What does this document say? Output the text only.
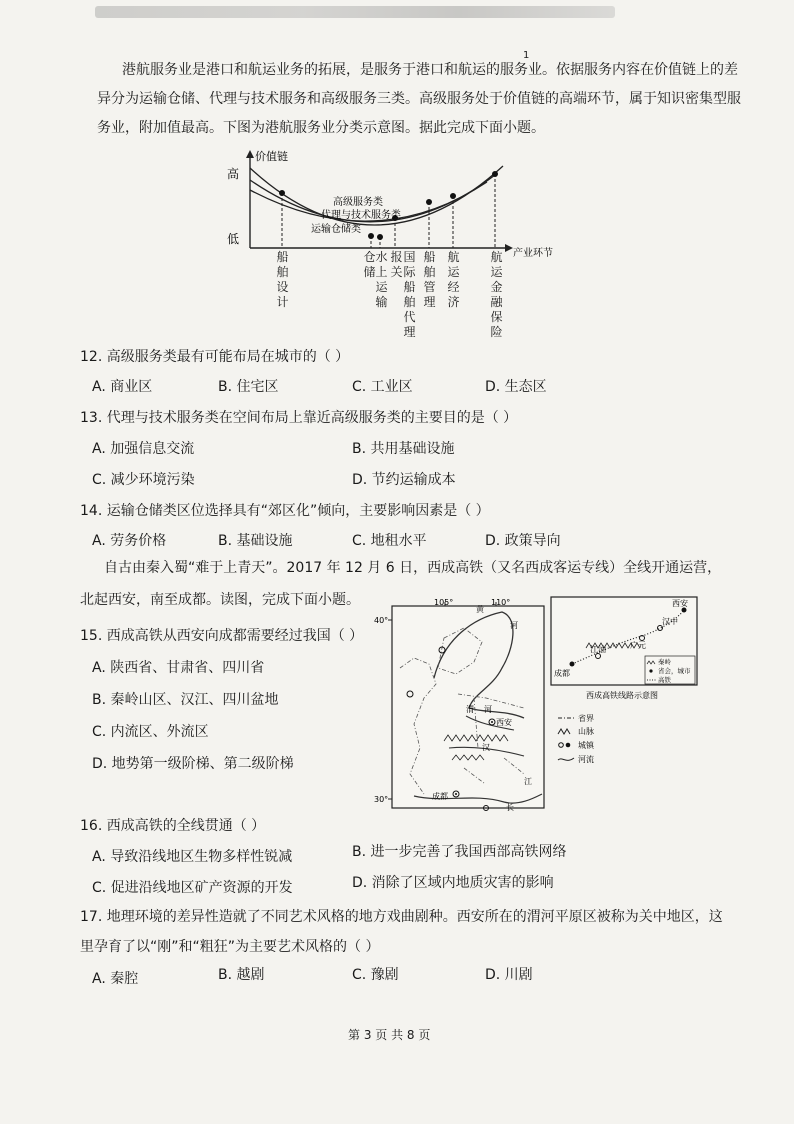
1
港航服务业是港口和航运业务的拓展，是服务于港口和航运的服务业。依据服务内容在价值链上的差
异分为运输仓储、代理与技术服务和高级服务三类。高级服务处于价值链的高端环节，属于知识密集型服
务业，附加值最高。下图为港航服务业分类示意图。据此完成下面小题。
价值链
高
低
高级服务类
代理与技术服务类
运输仓储类
产业环节
船舶设计
仓储
水上运输
报关
国际船舶代理
船舶管理
航运经济
航运金融保险
12. 高级服务类最有可能布局在城市的（ ）
A. 商业区	B. 住宅区	C. 工业区	D. 生态区
13. 代理与技术服务类在空间布局上靠近高级服务类的主要目的是（ ）
A. 加强信息交流	B. 共用基础设施
C. 减少环境污染	D. 节约运输成本
14. 运输仓储类区位选择具有“郊区化”倾向，主要影响因素是（ ）
A. 劳务价格	B. 基础设施	C. 地租水平	D. 政策导向
自古由秦入蜀“难于上青天”。2017 年 12 月 6 日，西成高铁（又名西成客运专线）全线开通运营，
北起西安，南至成都。读图，完成下面小题。
15. 西成高铁从西安向成都需要经过我国（ ）
A. 陕西省、甘肃省、四川省
B. 秦岭山区、汉江、四川盆地
C. 内流区、外流区
D. 地势第一级阶梯、第二级阶梯
105°	110°
40°
30°
黄
河
渭 河
西安
汉
江
成都
长
西安
汉中
江油	广元
成都
秦岭
省会，城市
高铁
西成高铁线路示意图
省界
山脉
城镇
河流
16. 西成高铁的全线贯通（ ）
A. 导致沿线地区生物多样性锐减	B. 进一步完善了我国西部高铁网络
C. 促进沿线地区矿产资源的开发	D. 消除了区域内地质灾害的影响
17. 地理环境的差异性造就了不同艺术风格的地方戏曲剧种。西安所在的渭河平原区被称为关中地区，这
里孕育了以“刚”和“粗狂”为主要艺术风格的（ ）
A. 秦腔	B. 越剧	C. 豫剧	D. 川剧
第 3 页 共 8 页
